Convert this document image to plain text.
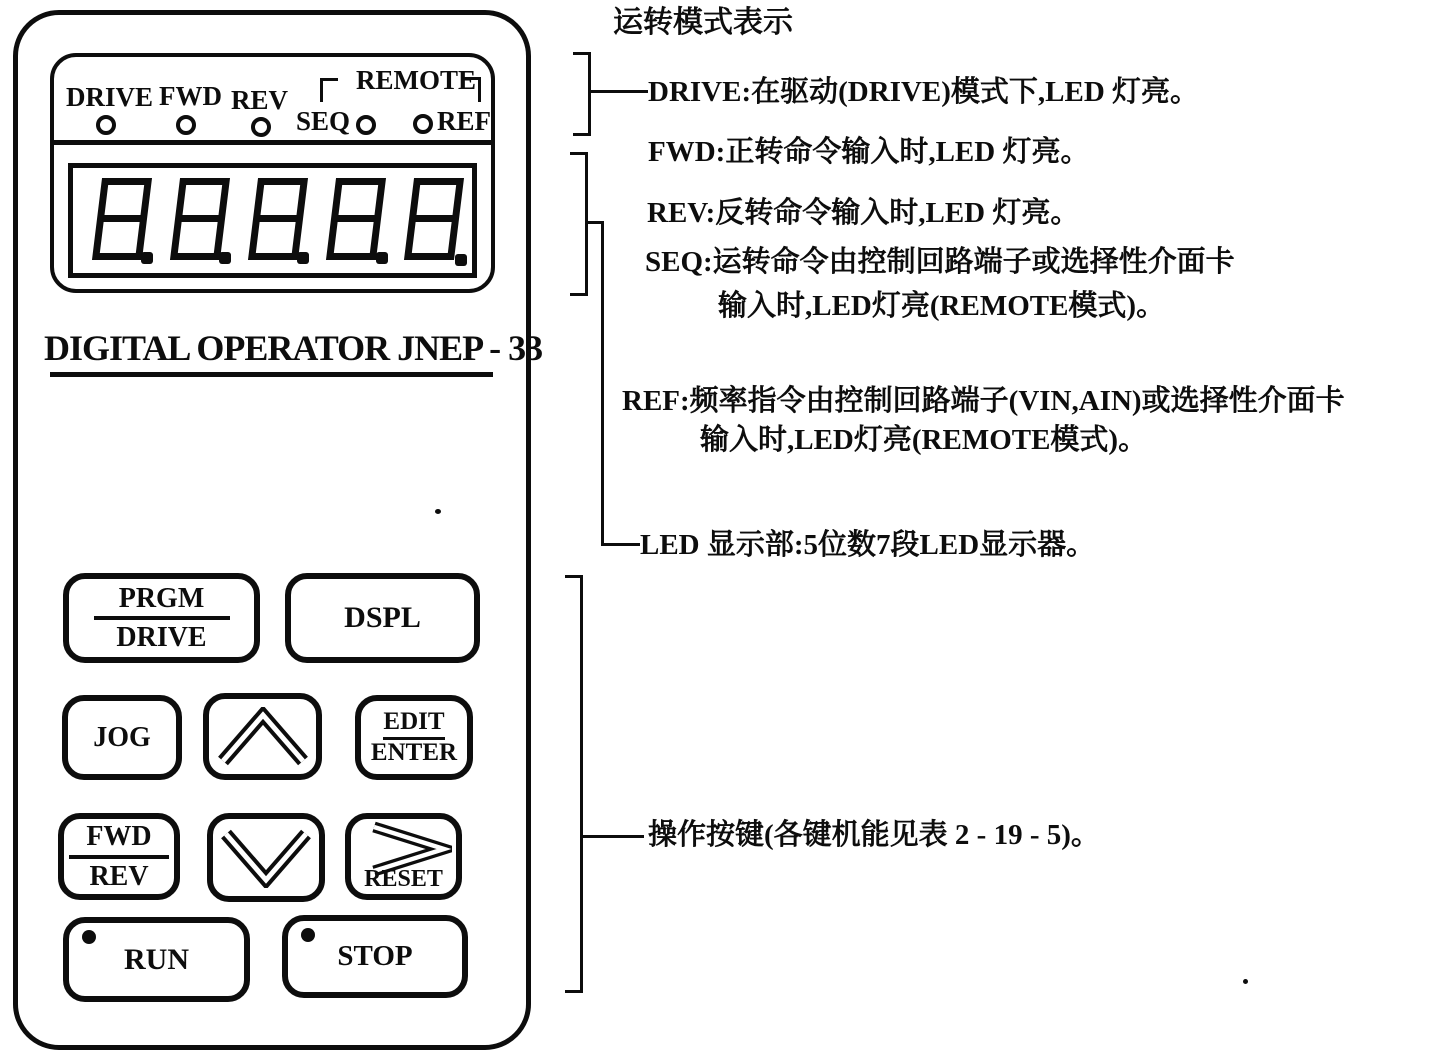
DRIVE FWD REV
REMOTE
SEQ	REF
DIGITAL OPERATOR JNEP - 33
PRGM
DRIVE
DSPL
JOG
EDIT
ENTER
FWD
REV	RESET
RUN	STOP
运转模式表示
DRIVE:在驱动(DRIVE)模式下,LED 灯亮。
FWD:正转命令输入时,LED 灯亮。
REV:反转命令输入时,LED 灯亮。
SEQ:运转命令由控制回路端子或选择性介面卡
输入时,LED灯亮(REMOTE模式)。
REF:频率指令由控制回路端子(VIN,AIN)或选择性介面卡
输入时,LED灯亮(REMOTE模式)。
LED 显示部:5位数7段LED显示器。
操作按键(各键机能见表 2 - 19 - 5)。
